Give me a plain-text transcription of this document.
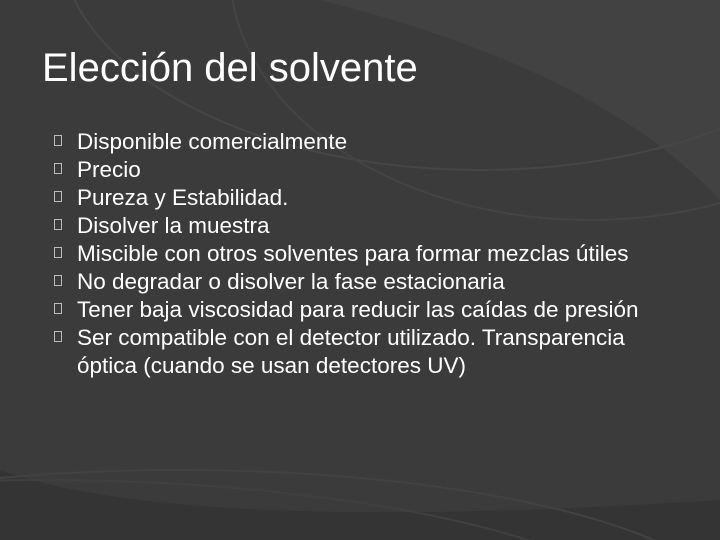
Elección del solvente
Disponible comercialmente
Precio
Pureza y Estabilidad.
Disolver la muestra
Miscible con otros solventes para formar mezclas útiles
No degradar o disolver la fase estacionaria
Tener baja viscosidad para reducir las caídas de presión
Ser compatible con el detector utilizado. Transparencia óptica (cuando se usan detectores UV)
